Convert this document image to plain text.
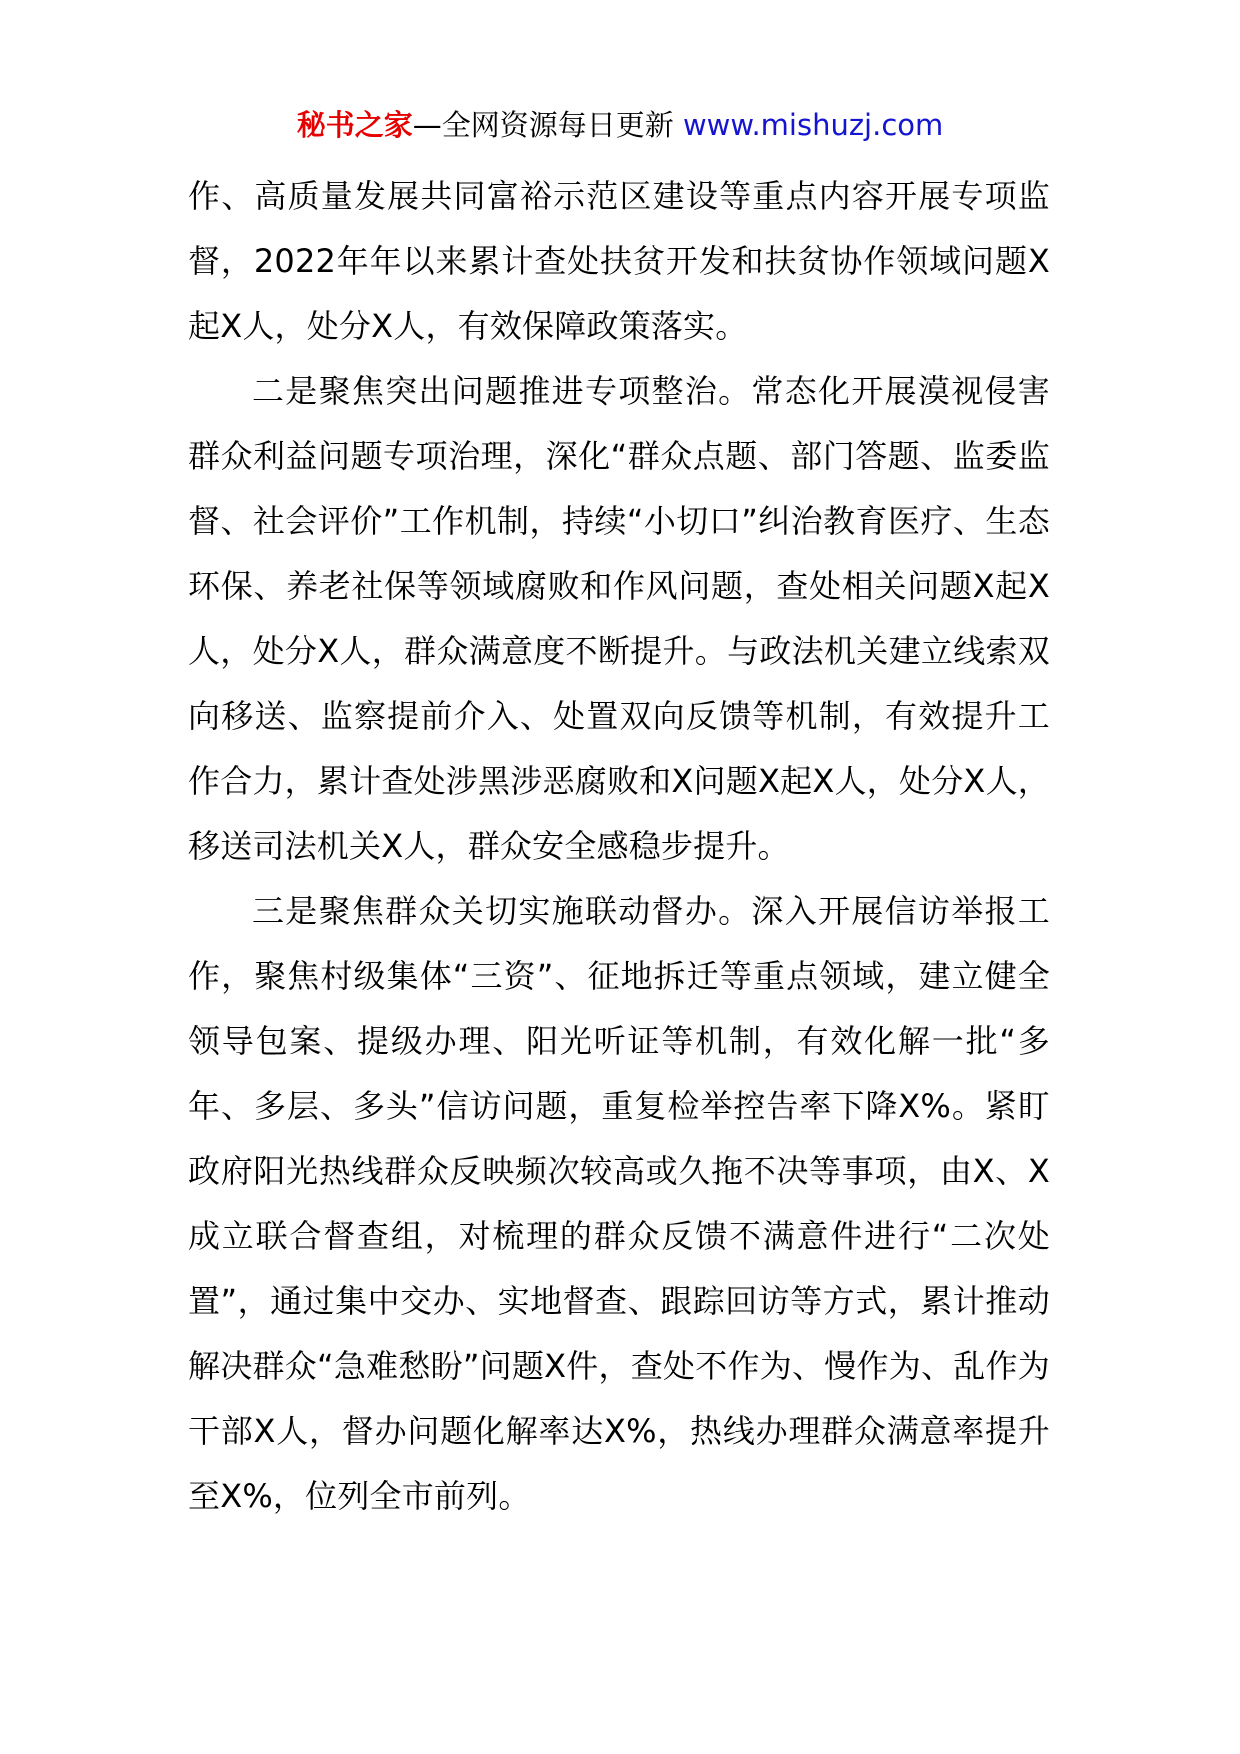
秘书之家—全网资源每日更新 www.mishuzj.com

作、高质量发展共同富裕示范区建设等重点内容开展专项监督，2022年年以来累计查处扶贫开发和扶贫协作领域问题X起X人，处分X人，有效保障政策落实。

二是聚焦突出问题推进专项整治。常态化开展漠视侵害群众利益问题专项治理，深化“群众点题、部门答题、监委监督、社会评价”工作机制，持续“小切口”纠治教育医疗、生态环保、养老社保等领域腐败和作风问题，查处相关问题X起X人，处分X人，群众满意度不断提升。与政法机关建立线索双向移送、监察提前介入、处置双向反馈等机制，有效提升工作合力，累计查处涉黑涉恶腐败和X问题X起X人，处分X人，移送司法机关X人，群众安全感稳步提升。

三是聚焦群众关切实施联动督办。深入开展信访举报工作，聚焦村级集体“三资”、征地拆迁等重点领域，建立健全领导包案、提级办理、阳光听证等机制，有效化解一批“多年、多层、多头”信访问题，重复检举控告率下降X%。紧盯政府阳光热线群众反映频次较高或久拖不决等事项，由X、X成立联合督查组，对梳理的群众反馈不满意件进行“二次处置”，通过集中交办、实地督查、跟踪回访等方式，累计推动解决群众“急难愁盼”问题X件，查处不作为、慢作为、乱作为干部X人，督办问题化解率达X%，热线办理群众满意率提升至X%，位列全市前列。
